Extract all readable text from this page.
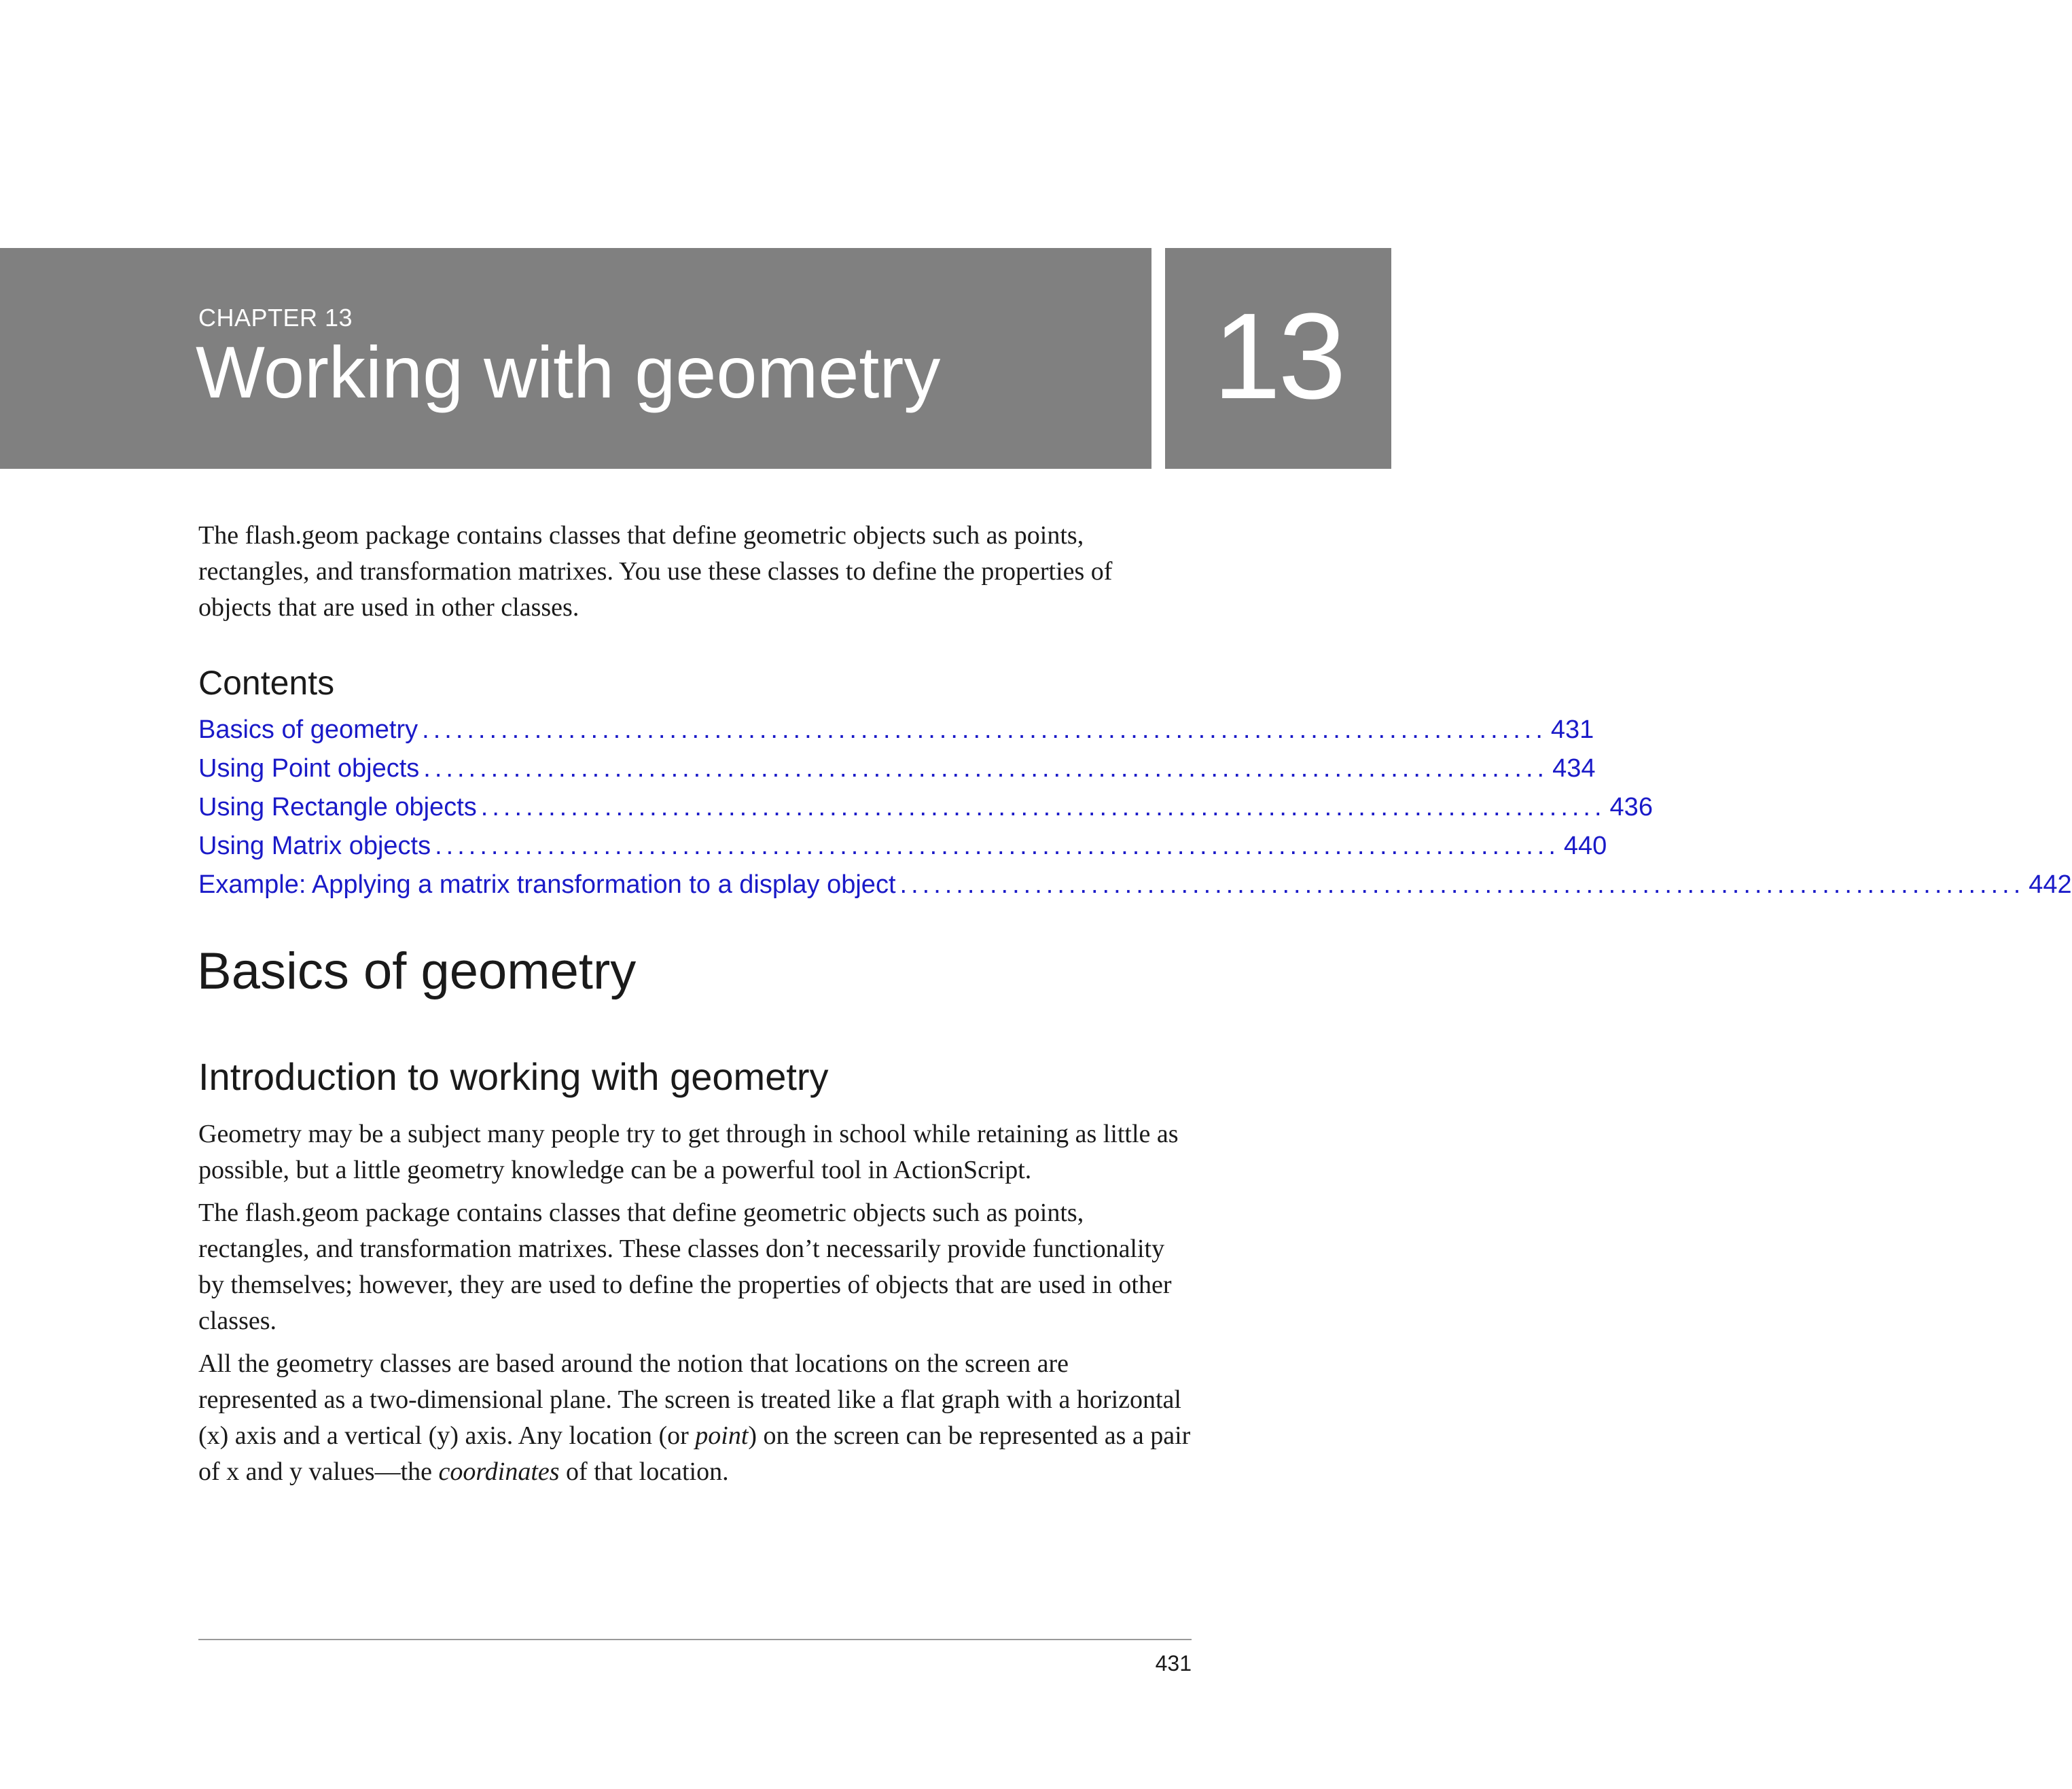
CHAPTER 13
Working with geometry	13

The flash.geom package contains classes that define geometric objects such as points, rectangles, and transformation matrixes. You use these classes to define the properties of objects that are used in other classes.

Contents
Basics of geometry .................................................................................................... 431
Using Point objects .................................................................................................... 434
Using Rectangle objects .................................................................................................... 436
Using Matrix objects .................................................................................................... 440
Example: Applying a matrix transformation to a display object .................................................................................................... 442
Basics of geometry
Introduction to working with geometry

Geometry may be a subject many people try to get through in school while retaining as little as possible, but a little geometry knowledge can be a powerful tool in ActionScript.

The flash.geom package contains classes that define geometric objects such as points, rectangles, and transformation matrixes. These classes don’t necessarily provide functionality by themselves; however, they are used to define the properties of objects that are used in other classes.

All the geometry classes are based around the notion that locations on the screen are represented as a two-dimensional plane. The screen is treated like a flat graph with a horizontal (x) axis and a vertical (y) axis. Any location (or point) on the screen can be represented as a pair of x and y values—the coordinates of that location.

431
